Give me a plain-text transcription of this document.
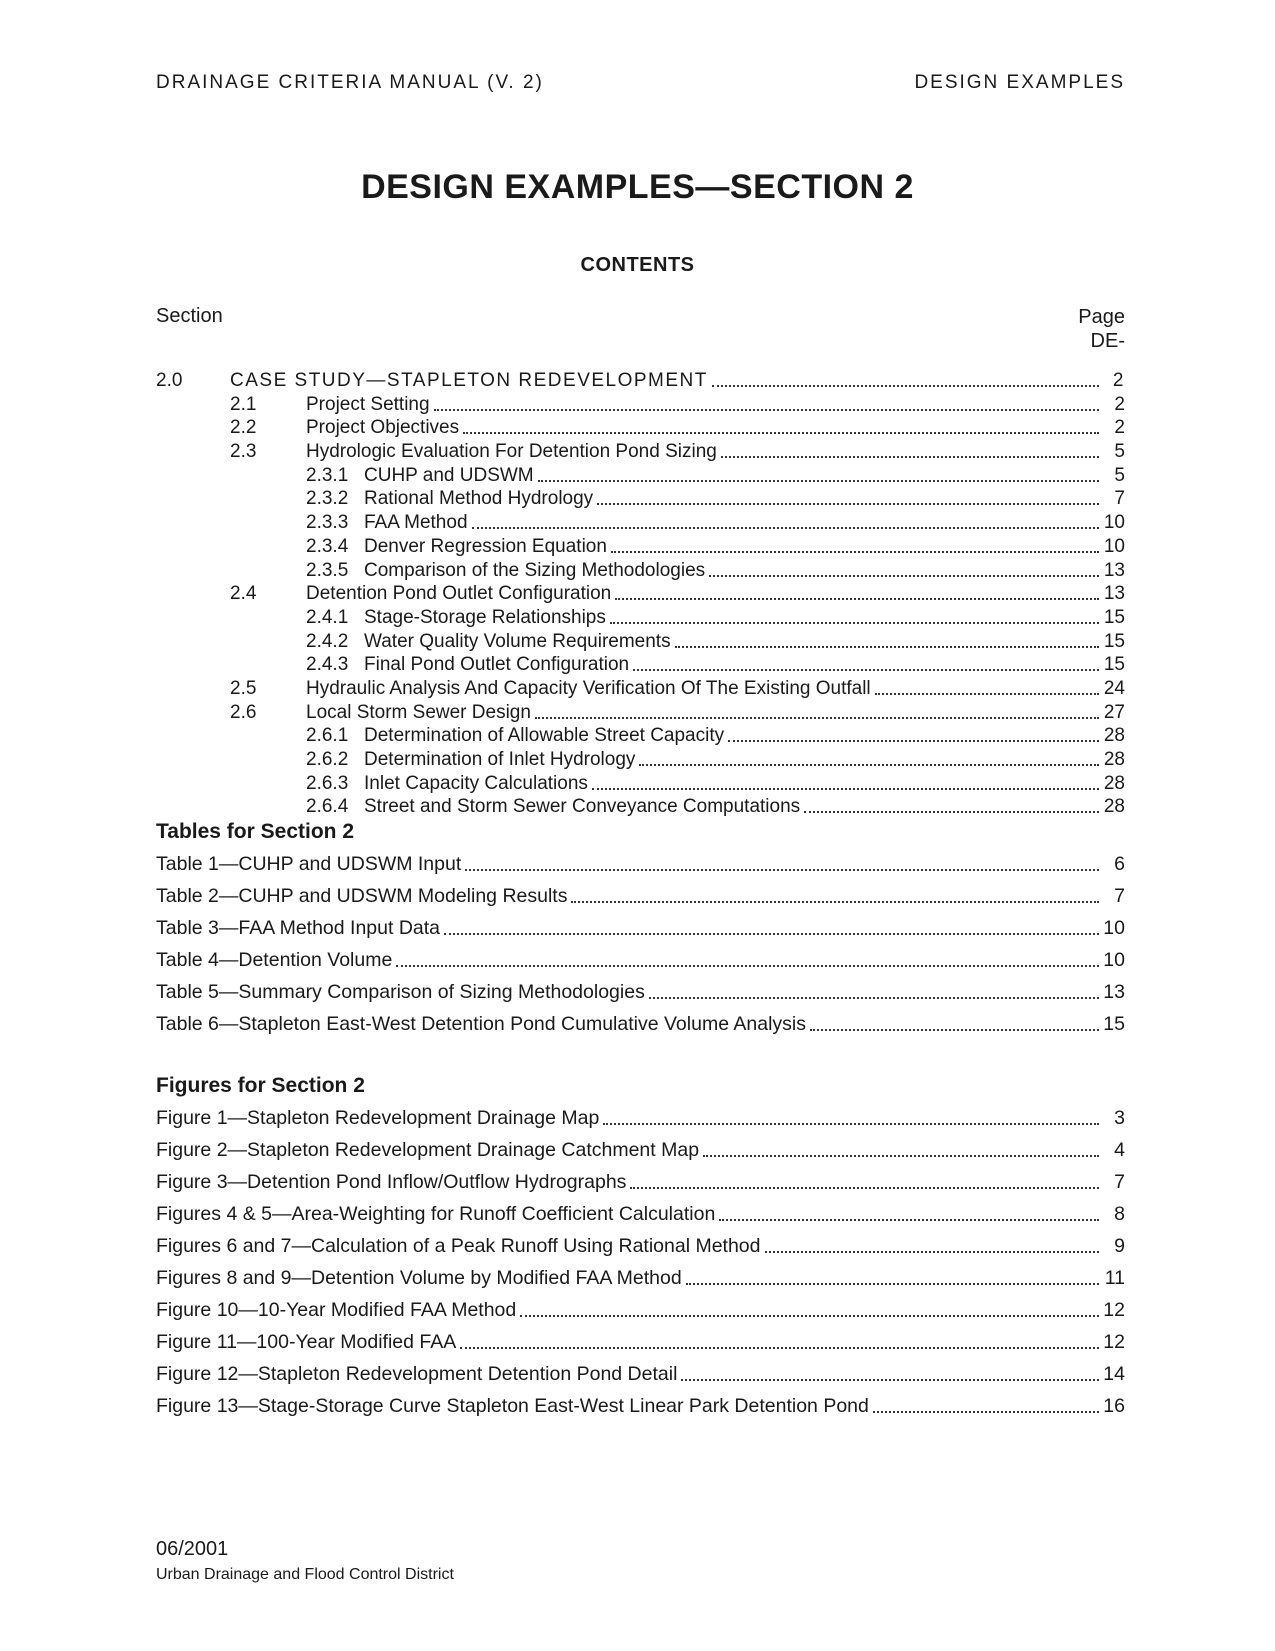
DRAINAGE CRITERIA MANUAL (V. 2)	DESIGN EXAMPLES
DESIGN EXAMPLES—SECTION 2
CONTENTS
Section	Page
DE-
2.0	CASE STUDY—STAPLETON REDEVELOPMENT	2
2.1	Project Setting	2
2.2	Project Objectives	2
2.3	Hydrologic Evaluation For Detention Pond Sizing	5
2.3.1 CUHP and UDSWM	5
2.3.2 Rational Method Hydrology	7
2.3.3 FAA Method	10
2.3.4 Denver Regression Equation	10
2.3.5 Comparison of the Sizing Methodologies	13
2.4	Detention Pond Outlet Configuration	13
2.4.1 Stage-Storage Relationships	15
2.4.2 Water Quality Volume Requirements	15
2.4.3 Final Pond Outlet Configuration	15
2.5	Hydraulic Analysis And Capacity Verification Of The Existing Outfall	24
2.6	Local Storm Sewer Design	27
2.6.1 Determination of Allowable Street Capacity	28
2.6.2 Determination of Inlet Hydrology	28
2.6.3 Inlet Capacity Calculations	28
2.6.4 Street and Storm Sewer Conveyance Computations	28
Tables for Section 2
Table 1—CUHP and UDSWM Input	6
Table 2—CUHP and UDSWM Modeling Results	7
Table 3—FAA Method Input Data	10
Table 4—Detention Volume	10
Table 5—Summary Comparison of Sizing Methodologies	13
Table 6—Stapleton East-West Detention Pond Cumulative Volume Analysis	15
Figures for Section 2
Figure 1—Stapleton Redevelopment Drainage Map	3
Figure 2—Stapleton Redevelopment Drainage Catchment Map	4
Figure 3—Detention Pond Inflow/Outflow Hydrographs	7
Figures 4 & 5—Area-Weighting for Runoff Coefficient Calculation	8
Figures 6 and 7—Calculation of a Peak Runoff Using Rational Method	9
Figures 8 and 9—Detention Volume by Modified FAA Method	11
Figure 10—10-Year Modified FAA Method	12
Figure 11—100-Year Modified FAA	12
Figure 12—Stapleton Redevelopment Detention Pond Detail	14
Figure 13—Stage-Storage Curve Stapleton East-West Linear Park Detention Pond	16
06/2001
Urban Drainage and Flood Control District
